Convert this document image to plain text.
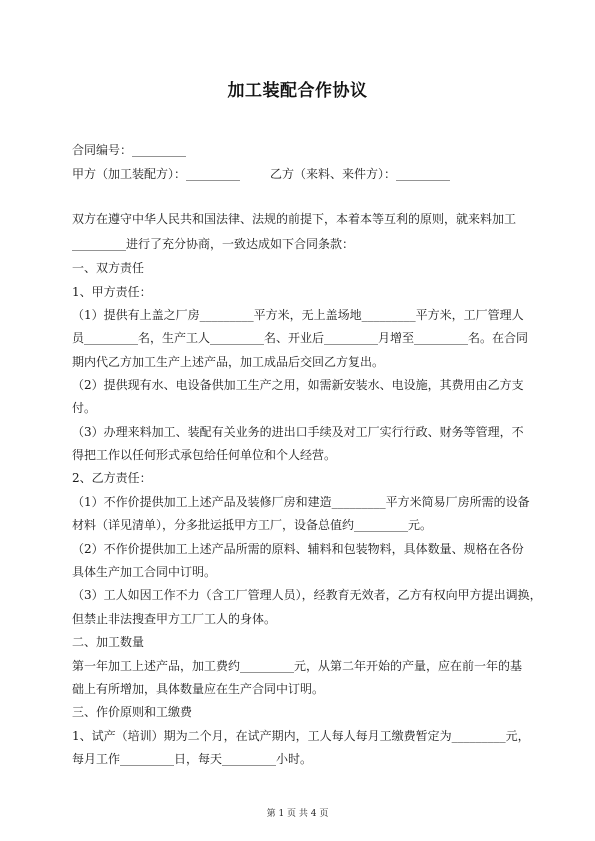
加工装配合作协议
合同编号：_________
甲方（加工装配方）：_________ 乙方（来料、来件方）：_________
双方在遵守中华人民共和国法律、法规的前提下，本着本等互利的原则，就来料加工
_________进行了充分协商，一致达成如下合同条款：
一、双方责任
1、甲方责任：
（1）提供有上盖之厂房_________平方米，无上盖场地_________平方米，工厂管理人
员_________名，生产工人_________名、开业后_________月增至_________名。在合同
期内代乙方加工生产上述产品，加工成品后交回乙方复出。
（2）提供现有水、电设备供加工生产之用，如需新安装水、电设施，其费用由乙方支
付。
（3）办理来料加工、装配有关业务的进出口手续及对工厂实行行政、财务等管理，不
得把工作以任何形式承包给任何单位和个人经营。
2、乙方责任：
（1）不作价提供加工上述产品及装修厂房和建造_________平方米简易厂房所需的设备
材料（详见清单），分多批运抵甲方工厂，设备总值约_________元。
（2）不作价提供加工上述产品所需的原料、辅料和包装物料，具体数量、规格在各份
具体生产加工合同中订明。
（3）工人如因工作不力（含工厂管理人员），经教育无效者，乙方有权向甲方提出调换，
但禁止非法搜查甲方工厂工人的身体。
二、加工数量
第一年加工上述产品，加工费约_________元，从第二年开始的产量，应在前一年的基
础上有所增加，具体数量应在生产合同中订明。
三、作价原则和工缴费
1、试产（培训）期为二个月，在试产期内，工人每人每月工缴费暂定为_________元，
每月工作_________日，每天_________小时。
第 1 页 共 4 页
